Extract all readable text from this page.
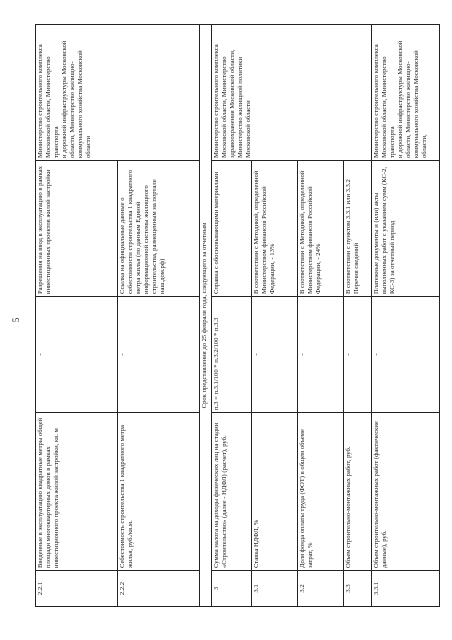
5
2.2.1	Введенные в эксплуатацию квадратные метры общей площади многоквартирных домов в рамках инвестиционного проекта жилой застройки, кв. м	-	Разрешения на ввод в эксплуатацию в рамках инвестиционных проектов жилой застройки	Министерство строительного комплекса Московской области, Министерство транспорта
и дорожной инфраструктуры Московской области, Министерство жилищно-коммунального хозяйства Московской области
2.2.2	Себестоимость строительства 1 квадратного метра жилья, руб./кв.м.	-	Ссылка на официальные данные о себестоимости строительства 1 квадратного метра жилья (по данным Единой информационной системы жилищного строительства, размещенным на портале наш.дом.рф)	
Срок представления до 25 февраля года, следующего за отчетным				
3	Сумма налога на доходы физических лиц на стадии «Строительство» (далее - НДФЛ) (расчет), руб.	п.3 = п.3.1/100 * п.3.2/100 * п.3.3	Справка с обосновывающими материалами	Министерство строительного комплекса Московской области, Министерство здравоохранения Московской области, Министерство жилищной политики Московской области
3.1	Ставка НДФЛ, %	-	В соответствии с Методикой, определенной Министерством финансов Российской Федерации, - 13%	
3.2	Доля фонда оплаты труда (ФОТ) в общем объеме затрат, %	-	В соответствии с Методикой, определенной Министерством финансов Российской Федерации, - 24%	
3.3	Объем строительно-монтажных работ, руб.	-	В соответствии с пунктом 3.3.1 или 3.3.2 Перечня сведений	
3.3.1	Объем строительно-монтажных работ (фактические данные), руб.	-	Платежные документы и (или) акты выполненных работ с указанием сумм (КС-2, КС-3) за отчетный период	Министерство строительного комплекса Московской области, Министерство транспорта
и дорожной инфраструктуры Московской области, Министерство жилищно-коммунального хозяйства Московской области,
